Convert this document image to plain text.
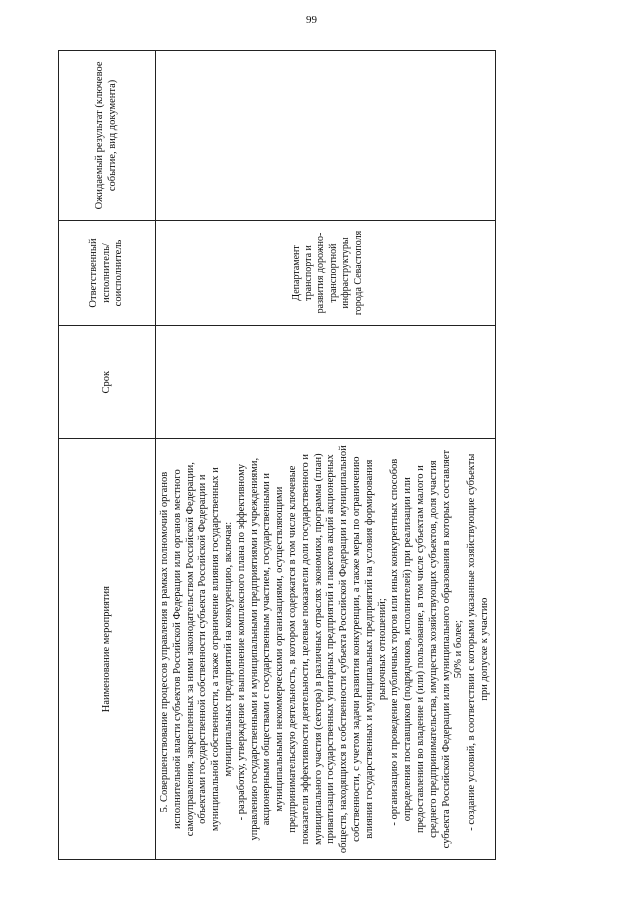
99
Наименование мероприятия	Срок	Ответственный исполнитель/ соисполнитель	Ожидаемый результат (ключевое событие, вид документа)

5. Совершенствование процессов управления в рамках полномочий органов исполнительной власти субъектов Российской Федерации или органов местного самоуправления, закрепленных за ними законодательством Российской Федерации, объектами государственной собственности субъекта Российской Федерации и муниципальной собственности, а также ограничение влияния государственных и муниципальных предприятий на конкуренцию, включая: - разработку, утверждение и выполнение комплексного плана по эффективному управлению государственными и муниципальными предприятиями и учреждениями, акционерными обществами с государственным участием, государственными и муниципальными некоммерческими организациями, осуществляющими предпринимательскую деятельность, в котором содержатся в том числе ключевые показатели эффективности деятельности, целевые показатели доли государственного и муниципального участия (сектора) в различных отраслях экономики, программа (план) приватизации государственных унитарных предприятий и пакетов акций акционерных обществ, находящихся в собственности субъекта Российской Федерации и муниципальной собственности, с учетом задачи развития конкуренции, а также меры по ограничению влияния государственных и муниципальных предприятий на условия формирования рыночных отношений; - организацию и проведение публичных торгов или иных конкурентных способов определения поставщиков (подрядчиков, исполнителей) при реализации или предоставлении во владение и (или) пользование, в том числе субъектам малого и среднего предпринимательства, имущества хозяйствующих субъектов, доля участия субъекта Российской Федерации или муниципального образования в которых составляет 50% и более; - создание условий, в соответствии с которыми указанные хозяйствующие субъекты при допуске к участию		Департамент транспорта и развития дорожно-транспортной инфраструктуры города Севастополя	
